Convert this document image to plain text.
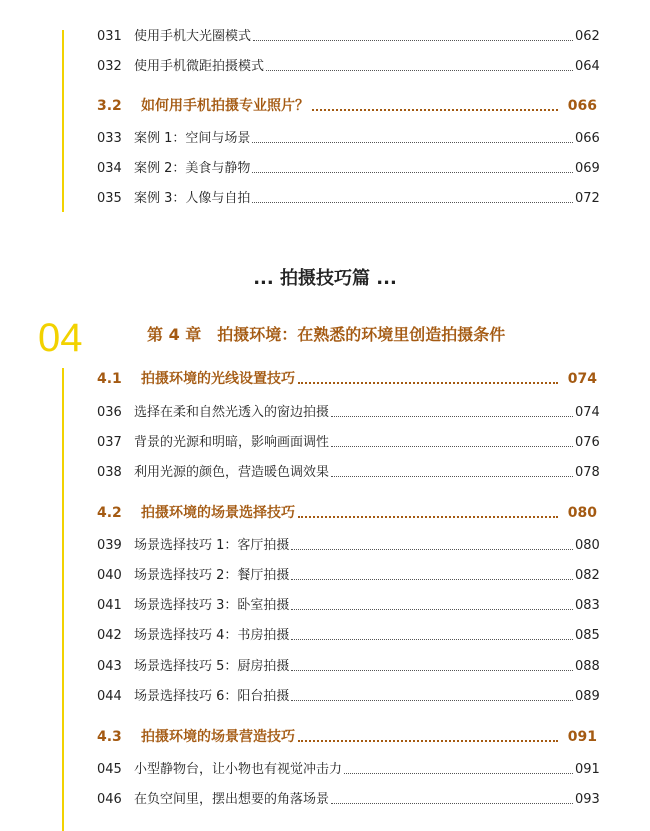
031 使用手机大光圈模式	062
032 使用手机微距拍摄模式	064
3.2	如何用手机拍摄专业照片？	066
033 案例 1：空间与场景	066
034 案例 2：美食与静物	069
035 案例 3：人像与自拍	072
... 拍摄技巧篇 ...
04	第 4 章　拍摄环境：在熟悉的环境里创造拍摄条件
4.1	拍摄环境的光线设置技巧	074
036 选择在柔和自然光透入的窗边拍摄	074
037 背景的光源和明暗，影响画面调性	076
038 利用光源的颜色，营造暖色调效果	078
4.2	拍摄环境的场景选择技巧	080
039 场景选择技巧 1：客厅拍摄	080
040 场景选择技巧 2：餐厅拍摄	082
041 场景选择技巧 3：卧室拍摄	083
042 场景选择技巧 4：书房拍摄	085
043 场景选择技巧 5：厨房拍摄	088
044 场景选择技巧 6：阳台拍摄	089
4.3	拍摄环境的场景营造技巧	091
045 小型静物台，让小物也有视觉冲击力	091
046 在负空间里，摆出想要的角落场景	093
